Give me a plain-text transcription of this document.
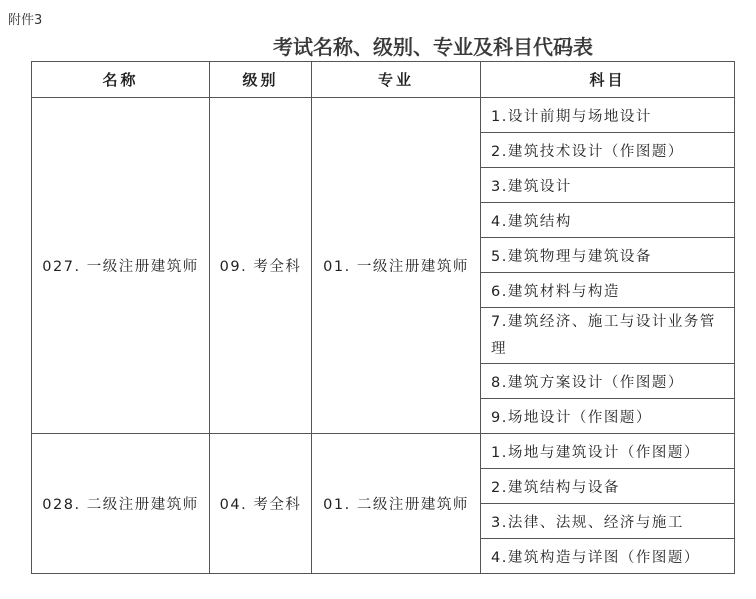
附件3
考试名称、级别、专业及科目代码表
名称	级别	专业	科目
027. 一级注册建筑师	09. 考全科	01. 一级注册建筑师	1.设计前期与场地设计
			2.建筑技术设计（作图题）
			3.建筑设计
			4.建筑结构
			5.建筑物理与建筑设备
			6.建筑材料与构造
			7.建筑经济、施工与设计业务管理
			8.建筑方案设计（作图题）
			9.场地设计（作图题）
028. 二级注册建筑师	04. 考全科	01. 二级注册建筑师	1.场地与建筑设计（作图题）
			2.建筑结构与设备
			3.法律、法规、经济与施工
			4.建筑构造与详图（作图题）
